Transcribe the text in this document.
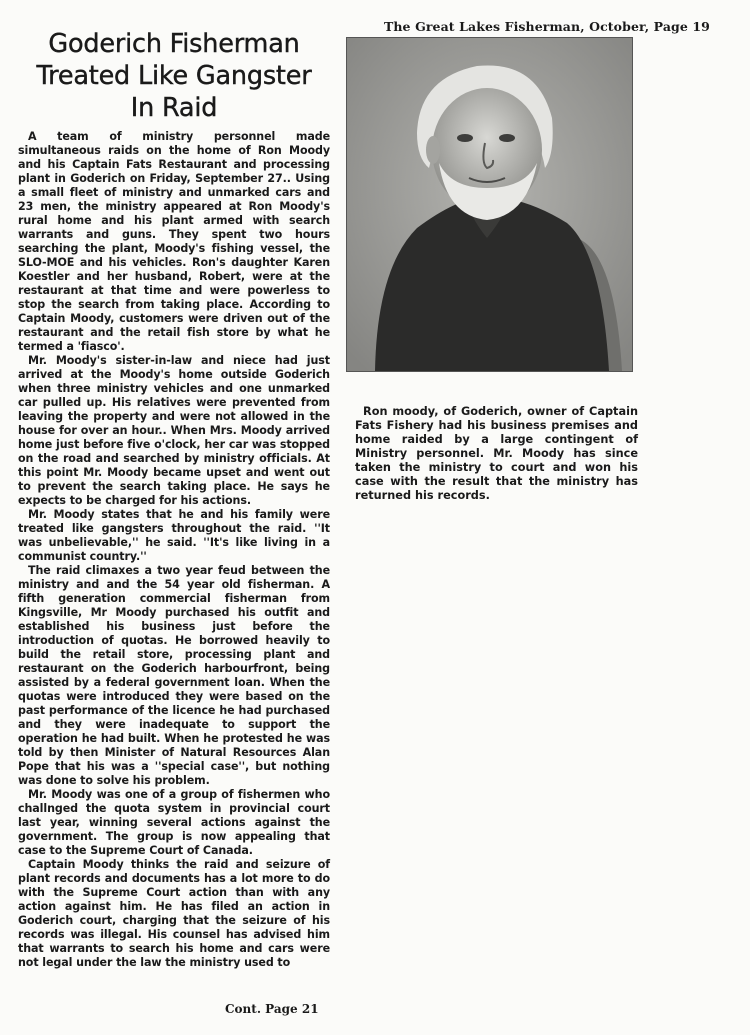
The Great Lakes Fisherman, October, Page 19
Goderich Fisherman
Treated Like Gangster
In Raid

A team of ministry personnel made simultaneous raids on the home of Ron Moody and his Captain Fats Restaurant and processing plant in Goderich on Friday, September 27.. Using a small fleet of ministry and unmarked cars and 23 men, the ministry appeared at Ron Moody's rural home and his plant armed with search warrants and guns. They spent two hours searching the plant, Moody's fishing vessel, the SLO-MOE and his vehicles. Ron's daughter Karen Koestler and her husband, Robert, were at the restaurant at that time and were powerless to stop the search from taking place. According to Captain Moody, customers were driven out of the restaurant and the retail fish store by what he termed a 'fiasco'.

Mr. Moody's sister-in-law and niece had just arrived at the Moody's home outside Goderich when three ministry vehicles and one unmarked car pulled up. His relatives were prevented from leaving the property and were not allowed in the house for over an hour.. When Mrs. Moody arrived home just before five o'clock, her car was stopped on the road and searched by ministry officials. At this point Mr. Moody became upset and went out to prevent the search taking place. He says he expects to be charged for his actions.

Mr. Moody states that he and his family were treated like gangsters throughout the raid. ''It was unbelievable,'' he said. ''It's like living in a communist country.''

The raid climaxes a two year feud between the ministry and and the 54 year old fisherman. A fifth generation commercial fisherman from Kingsville, Mr Moody purchased his outfit and established his business just before the introduction of quotas. He borrowed heavily to build the retail store, processing plant and restaurant on the Goderich harbourfront, being assisted by a federal government loan. When the quotas were introduced they were based on the past performance of the licence he had purchased and they were inadequate to support the operation he had built. When he protested he was told by then Minister of Natural Resources Alan Pope that his was a ''special case'', but nothing was done to solve his problem.

Mr. Moody was one of a group of fishermen who challnged the quota system in provincial court last year, winning several actions against the government. The group is now appealing that case to the Supreme Court of Canada.

Captain Moody thinks the raid and seizure of plant records and documents has a lot more to do with the Supreme Court action than with any action against him. He has filed an action in Goderich court, charging that the seizure of his records was illegal. His counsel has advised him that warrants to search his home and cars were not legal under the law the ministry used to

Cont. Page 21

Ron moody, of Goderich, owner of Captain Fats Fishery had his business premises and home raided by a large contingent of Ministry personnel. Mr. Moody has since taken the ministry to court and won his case with the result that the ministry has returned his records.
